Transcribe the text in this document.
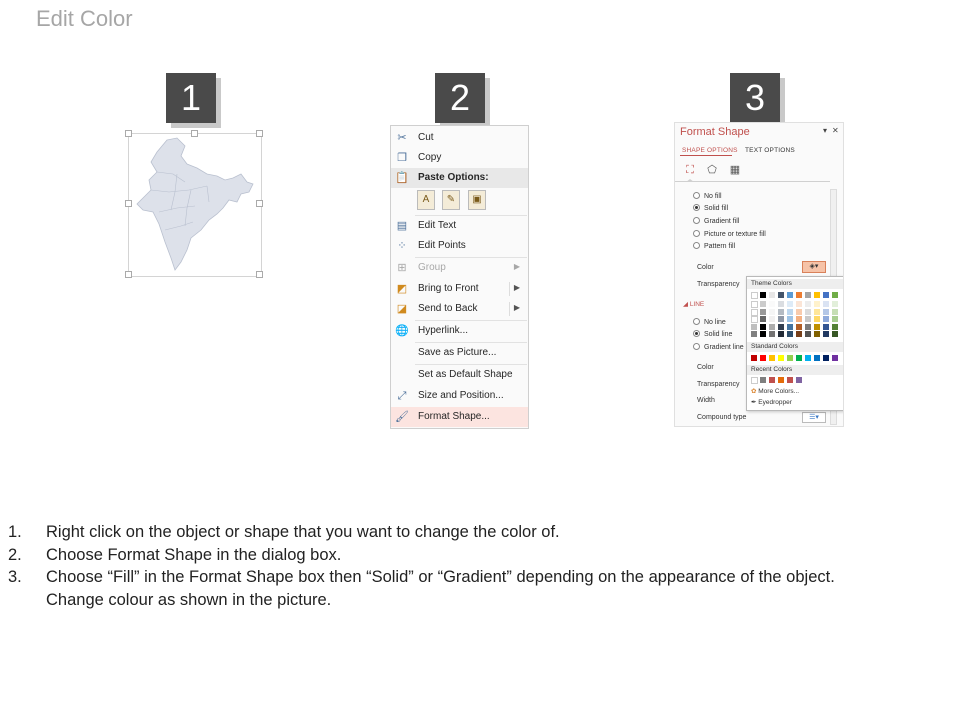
Edit Color
1	2	3
✂ Cut
❐ Copy
📋 Paste Options:
A	✎	▣
▤ Edit Text
⁘ Edit Points
⊞ Group	▶
◩ Bring to Front	▶
◪ Send to Back	▶
🌐 Hyperlink...
Save as Picture...
Set as Default Shape
⤢ Size and Position...
🖌 Format Shape...
Format Shape	▾ ✕
SHAPE OPTIONS TEXT OPTIONS
⛶ ⬠ ▦
No fill
Solid fill
Gradient fill
Picture or texture fill
Pattern fill
Color	◈▾
Transparency
◢ LINE
No line
Solid line
Gradient line
Color
Transparency
Width
Compound type	☰▾
Theme Colors
Standard Colors
Recent Colors
✿ More Colors...
✒ Eyedropper
1. Right click on the object or shape that you want to change the color of.
2. Choose Format Shape in the dialog box.
3. Choose “Fill” in the Format Shape box then “Solid” or “Gradient” depending on the appearance of the object.
Change colour as shown in the picture.
